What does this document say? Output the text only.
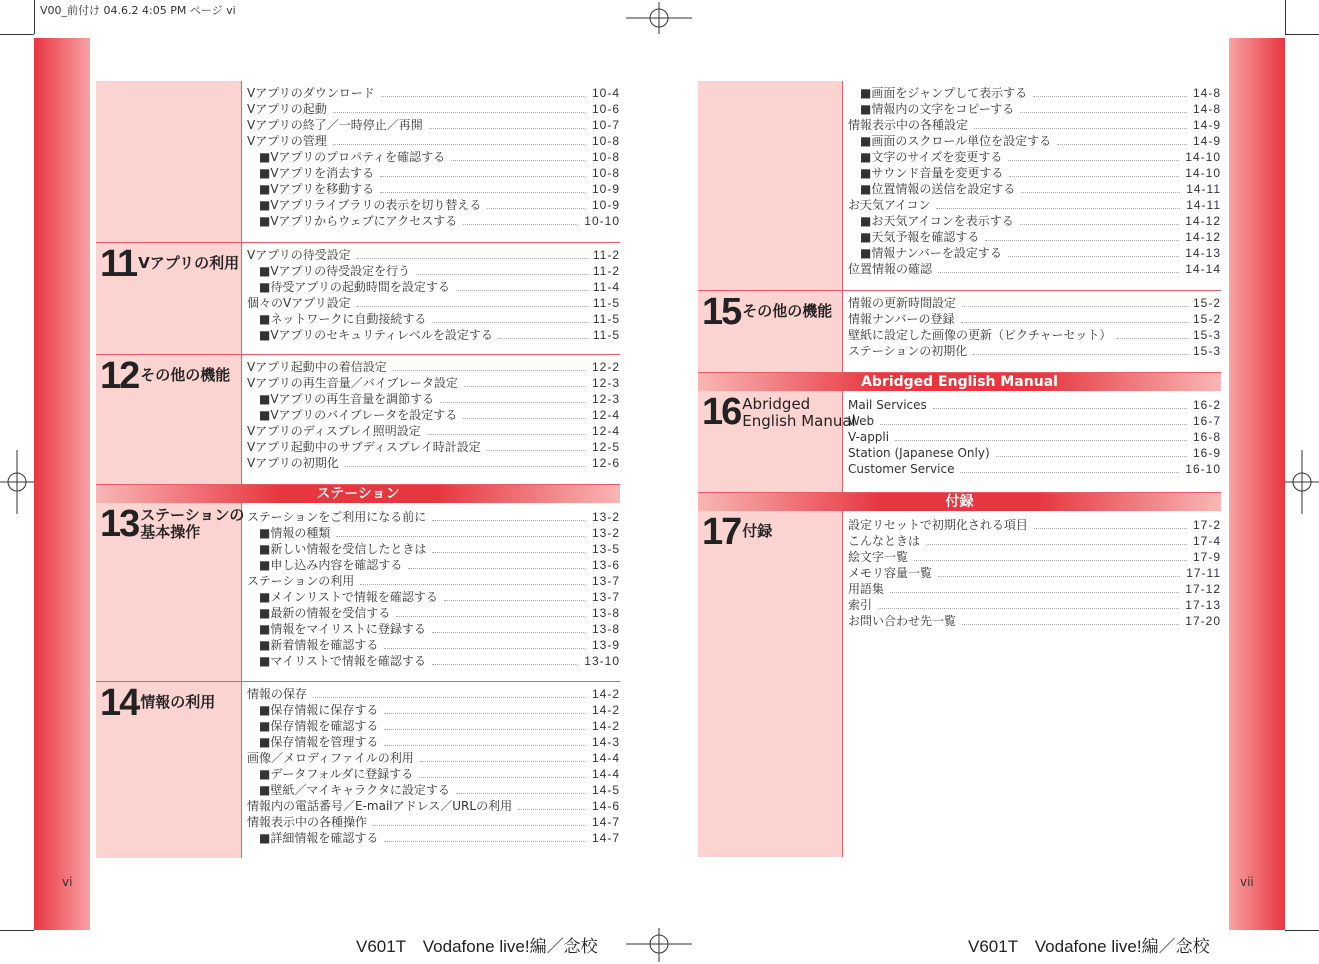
V00_前付け 04.6.2 4:05 PM ページ vi
vi	vii
V601T　Vodafone live!編／念校	V601T　Vodafone live!編／念校
Vアプリのダウンロード	10-4
Vアプリの起動	10-6
Vアプリの終了／一時停止／再開	10-7
Vアプリの管理	10-8
■Vアプリのプロパティを確認する	10-8
■Vアプリを消去する	10-8
■Vアプリを移動する	10-9
■Vアプリライブラリの表示を切り替える	10-9
■Vアプリからウェブにアクセスする	10-10
11 Vアプリの利用 Vアプリの待受設定	11-2
■Vアプリの待受設定を行う	11-2
■待受アプリの起動時間を設定する	11-4
個々のVアプリ設定	11-5
■ネットワークに自動接続する	11-5
■Vアプリのセキュリティレベルを設定する	11-5
12 その他の機能 Vアプリ起動中の着信設定	12-2
Vアプリの再生音量／バイブレータ設定	12-3
■Vアプリの再生音量を調節する	12-3
■Vアプリのバイブレータを設定する	12-4
Vアプリのディスプレイ照明設定	12-4
Vアプリ起動中のサブディスプレイ時計設定	12-5
Vアプリの初期化	12-6
ステーション
13 ステーションの
基本操作
ステーションをご利用になる前に	13-2
■情報の種類	13-2
■新しい情報を受信したときは	13-5
■申し込み内容を確認する	13-6
ステーションの利用	13-7
■メインリストで情報を確認する	13-7
■最新の情報を受信する	13-8
■情報をマイリストに登録する	13-8
■新着情報を確認する	13-9
■マイリストで情報を確認する	13-10
14 情報の利用	情報の保存	14-2
■保存情報に保存する	14-2
■保存情報を確認する	14-2
■保存情報を管理する	14-3
画像／メロディファイルの利用	14-4
■データフォルダに登録する	14-4
■壁紙／マイキャラクタに設定する	14-5
情報内の電話番号／E-mailアドレス／URLの利用	14-6
情報表示中の各種操作	14-7
■詳細情報を確認する	14-7
■画面をジャンプして表示する	14-8
■情報内の文字をコピーする	14-8
情報表示中の各種設定	14-9
■画面のスクロール単位を設定する	14-9
■文字のサイズを変更する	14-10
■サウンド音量を変更する	14-10
■位置情報の送信を設定する	14-11
お天気アイコン	14-11
■お天気アイコンを表示する	14-12
■天気予報を確認する	14-12
■情報ナンバーを設定する	14-13
位置情報の確認	14-14
15 その他の機能 情報の更新時間設定	15-2
情報ナンバーの登録	15-2
壁紙に設定した画像の更新（ピクチャーセット）	15-3
ステーションの初期化	15-3
Abridged English Manual
16 Abridged
English Manual
Mail Services	16-2
Web	16-7
V-appli	16-8
Station (Japanese Only)	16-9
Customer Service	16-10
付録
17 付録	設定リセットで初期化される項目	17-2
こんなときは	17-4
絵文字一覧	17-9
メモリ容量一覧	17-11
用語集	17-12
索引	17-13
お問い合わせ先一覧	17-20
